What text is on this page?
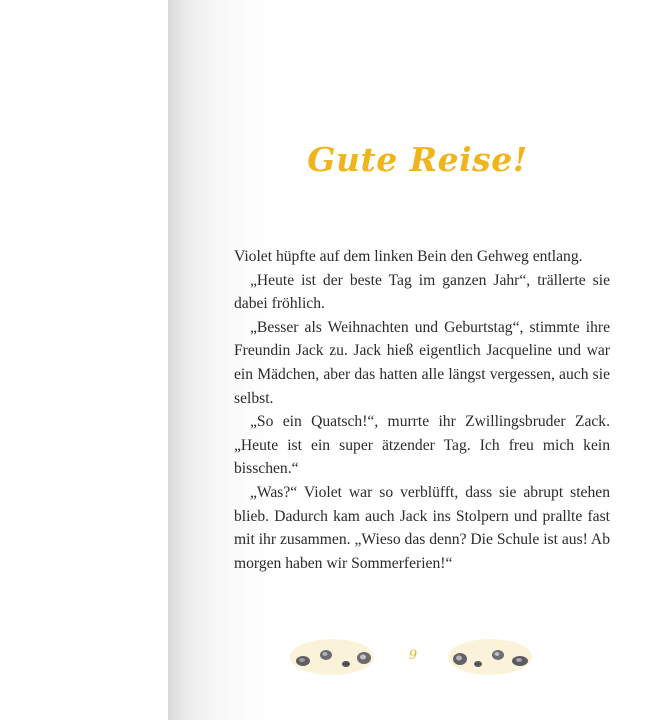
Gute Reise!

Violet hüpfte auf dem linken Bein den Gehweg entlang.

„Heute ist der beste Tag im ganzen Jahr“, trällerte sie dabei fröhlich.

„Besser als Weihnachten und Geburtstag“, stimmte ihre Freundin Jack zu. Jack hieß eigentlich Jacqueline und war ein Mädchen, aber das hatten alle längst vergessen, auch sie selbst.

„So ein Quatsch!“, murrte ihr Zwillingsbruder Zack. „Heute ist ein super ätzender Tag. Ich freu mich kein bisschen.“

„Was?“ Violet war so verblüfft, dass sie abrupt stehen blieb. Dadurch kam auch Jack ins Stolpern und prallte fast mit ihr zusammen. „Wieso das denn? Die Schule ist aus! Ab morgen haben wir Sommerferien!“

9
